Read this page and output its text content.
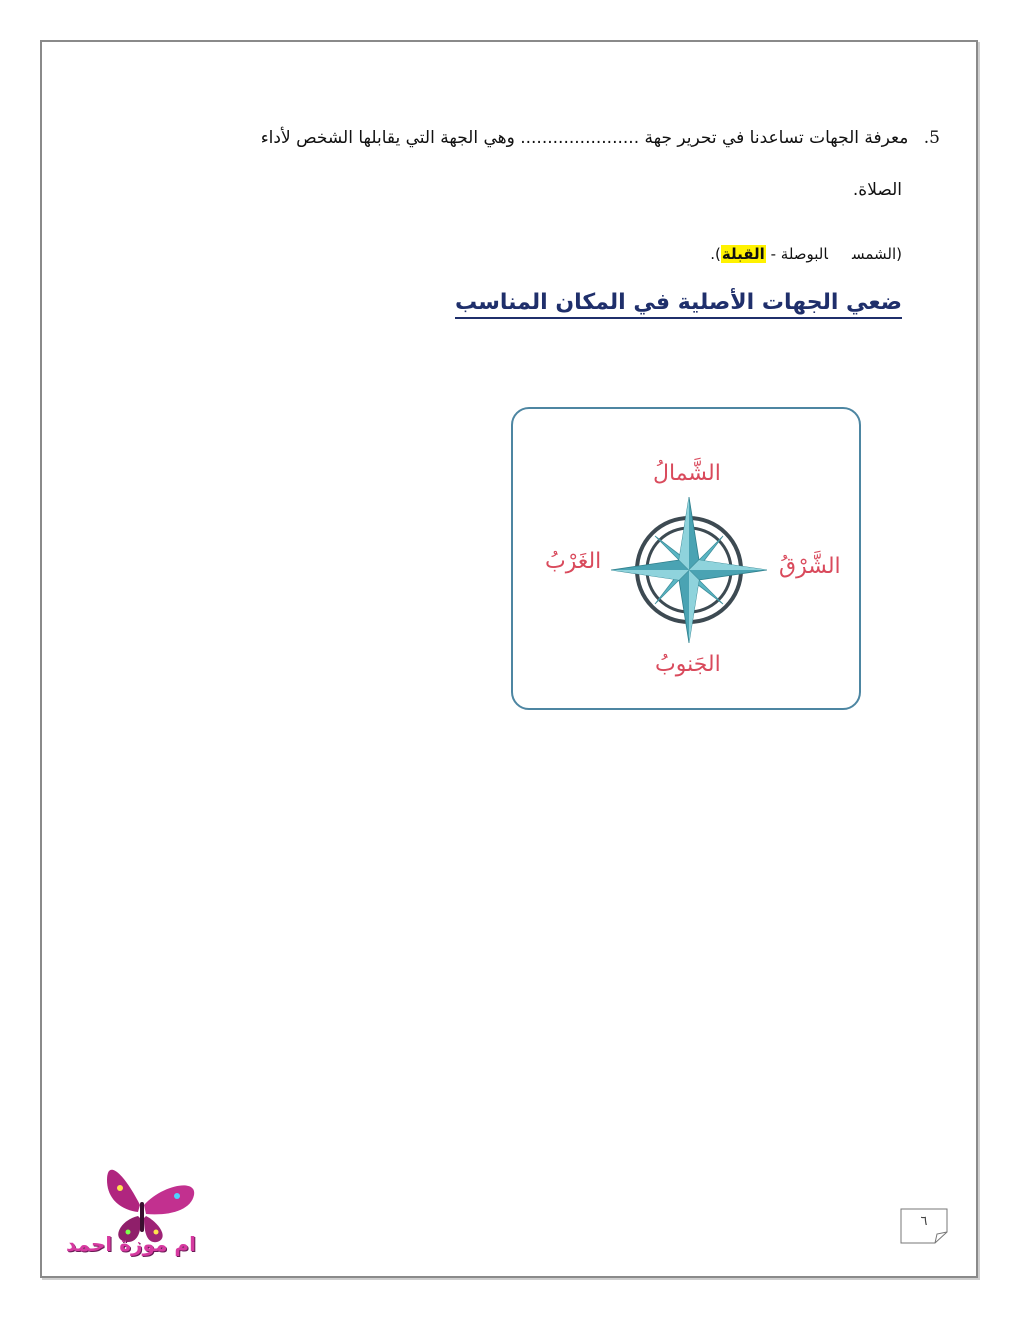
5. معرفة الجهات تساعدنا في تحرير جهة ...................... وهي الجهة التي يقابلها الشخص لأداء
الصلاة.
(الشمسالبوصلة - القبلة).
ضعي الجهات الأصلية في المكان المناسب
الشَّمالُ
الشَّرْقُ
الغَرْبُ
الجَنوبُ
ام موزة احمد
٦
